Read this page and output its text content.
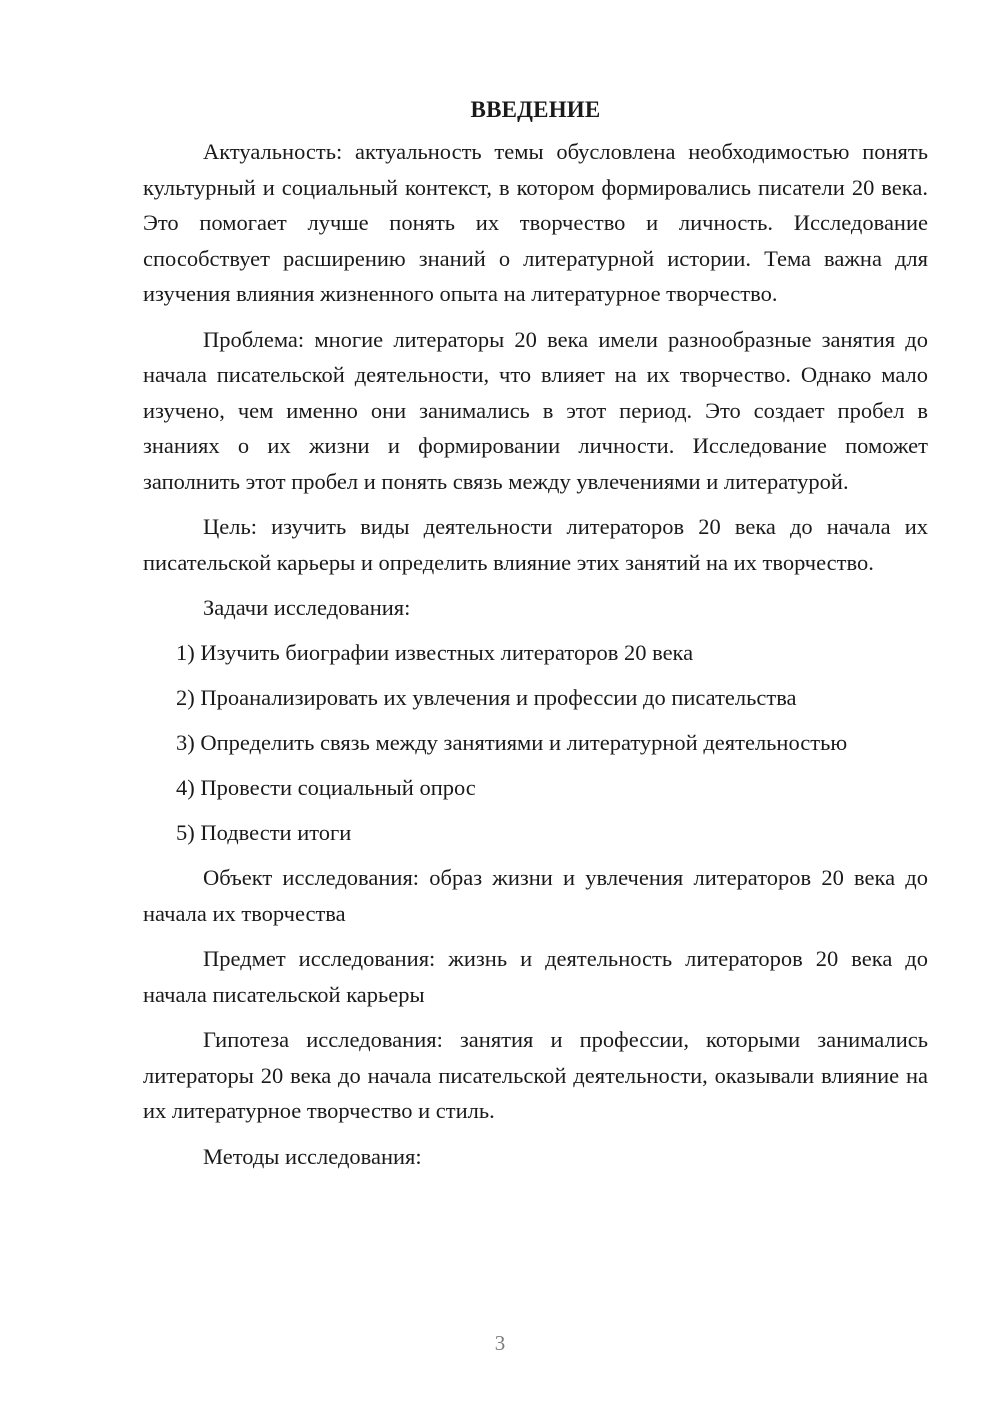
ВВЕДЕНИЕ

Актуальность: актуальность темы обусловлена необходимостью понять культурный и социальный контекст, в котором формировались писатели 20 века. Это помогает лучше понять их творчество и личность. Исследование способствует расширению знаний о литературной истории. Тема важна для изучения влияния жизненного опыта на литературное творчество.

Проблема: многие литераторы 20 века имели разнообразные занятия до начала писательской деятельности, что влияет на их творчество. Однако мало изучено, чем именно они занимались в этот период. Это создает пробел в знаниях о их жизни и формировании личности. Исследование поможет заполнить этот пробел и понять связь между увлечениями и литературой.

Цель: изучить виды деятельности литераторов 20 века до начала их писательской карьеры и определить влияние этих занятий на их творчество.

Задачи исследования:

1) Изучить биографии известных литераторов 20 века
2) Проанализировать их увлечения и профессии до писательства
3) Определить связь между занятиями и литературной деятельностью
4) Провести социальный опрос
5) Подвести итоги

Объект исследования: образ жизни и увлечения литераторов 20 века до начала их творчества

Предмет исследования: жизнь и деятельность литераторов 20 века до начала писательской карьеры

Гипотеза исследования: занятия и профессии, которыми занимались литераторы 20 века до начала писательской деятельности, оказывали влияние на их литературное творчество и стиль.

Методы исследования:

3
